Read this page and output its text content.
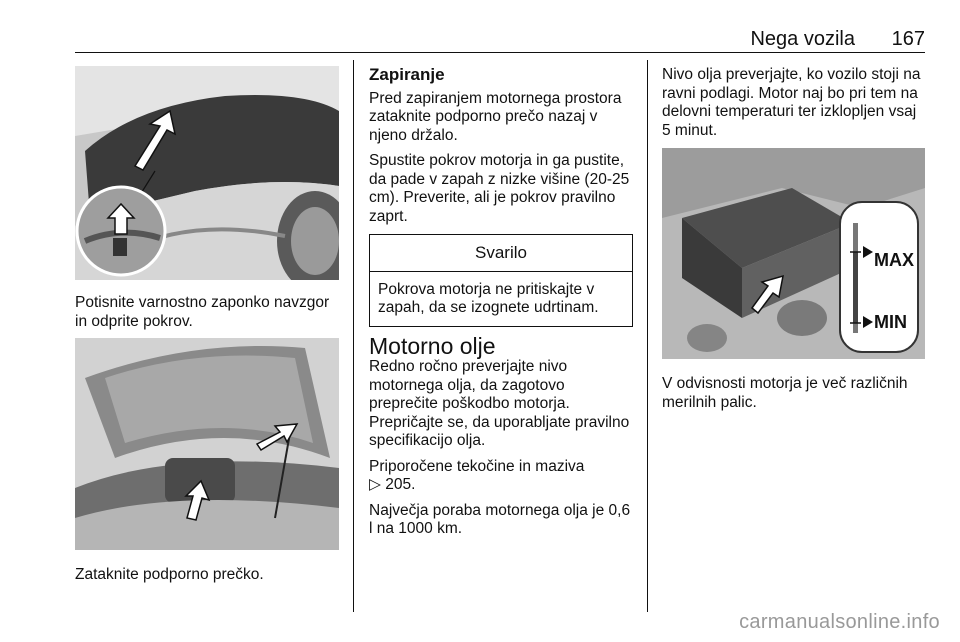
Nega vozila 167
Potisnite varnostno zaponko navzgor in odprite pokrov.
Zataknite podporno prečko.
Zapiranje

Pred zapiranjem motornega prostora zataknite podporno prečo nazaj v njeno držalo.

Spustite pokrov motorja in ga pustite, da pade v zapah z nizke višine (20-25 cm). Preverite, ali je pokrov pravilno zaprt.

Svarilo
Pokrova motorja ne pritiskajte v zapah, da se izognete udrtinam.
Motorno olje

Redno ročno preverjajte nivo motornega olja, da zagotovo preprečite poškodbo motorja. Prepričajte se, da uporabljate pravilno specifikacijo olja.

Priporočene tekočine in maziva
▷ 205.

Največja poraba motornega olja je 0,6 l na 1000 km.

Nivo olja preverjajte, ko vozilo stoji na ravni podlagi. Motor naj bo pri tem na delovni temperaturi ter izklopljen vsaj 5 minut.

MAX
MIN

V odvisnosti motorja je več različnih merilnih palic.

carmanualsonline.info
